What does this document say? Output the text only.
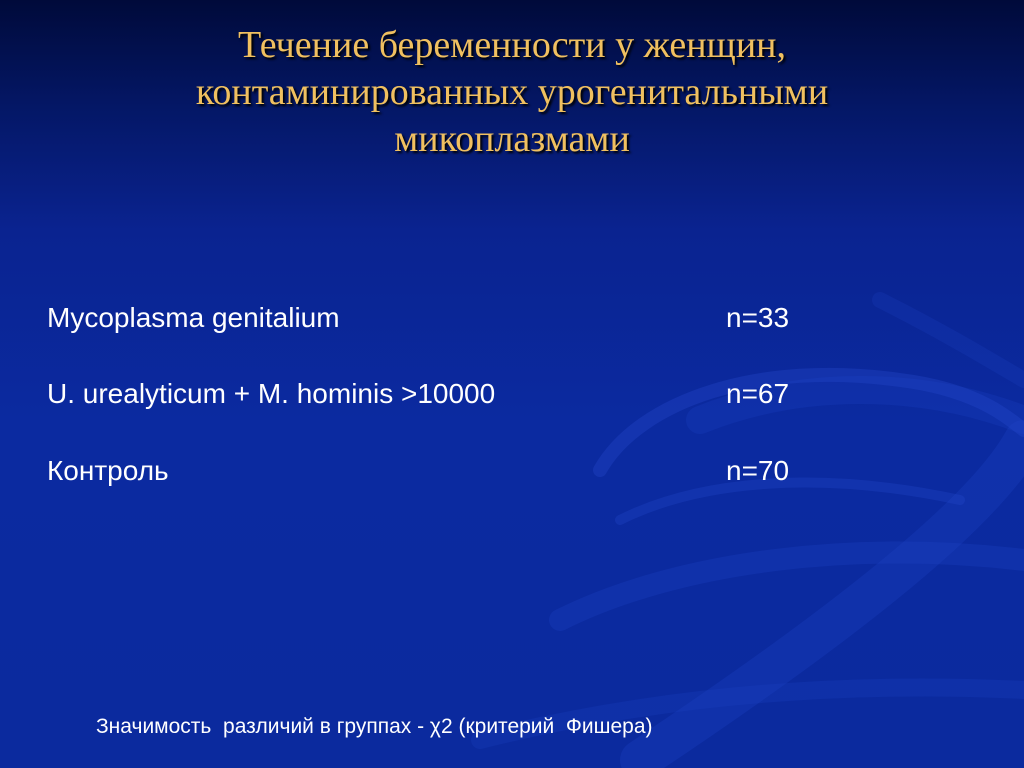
Течение беременности у женщин,
контаминированных урогенитальными
микоплазмами
Mycoplasma genitalium	n=33
U. urealyticum + M. hominis >10000	n=67
Контроль	n=70
Значимость  различий в группах - χ2 (критерий  Фишера)
